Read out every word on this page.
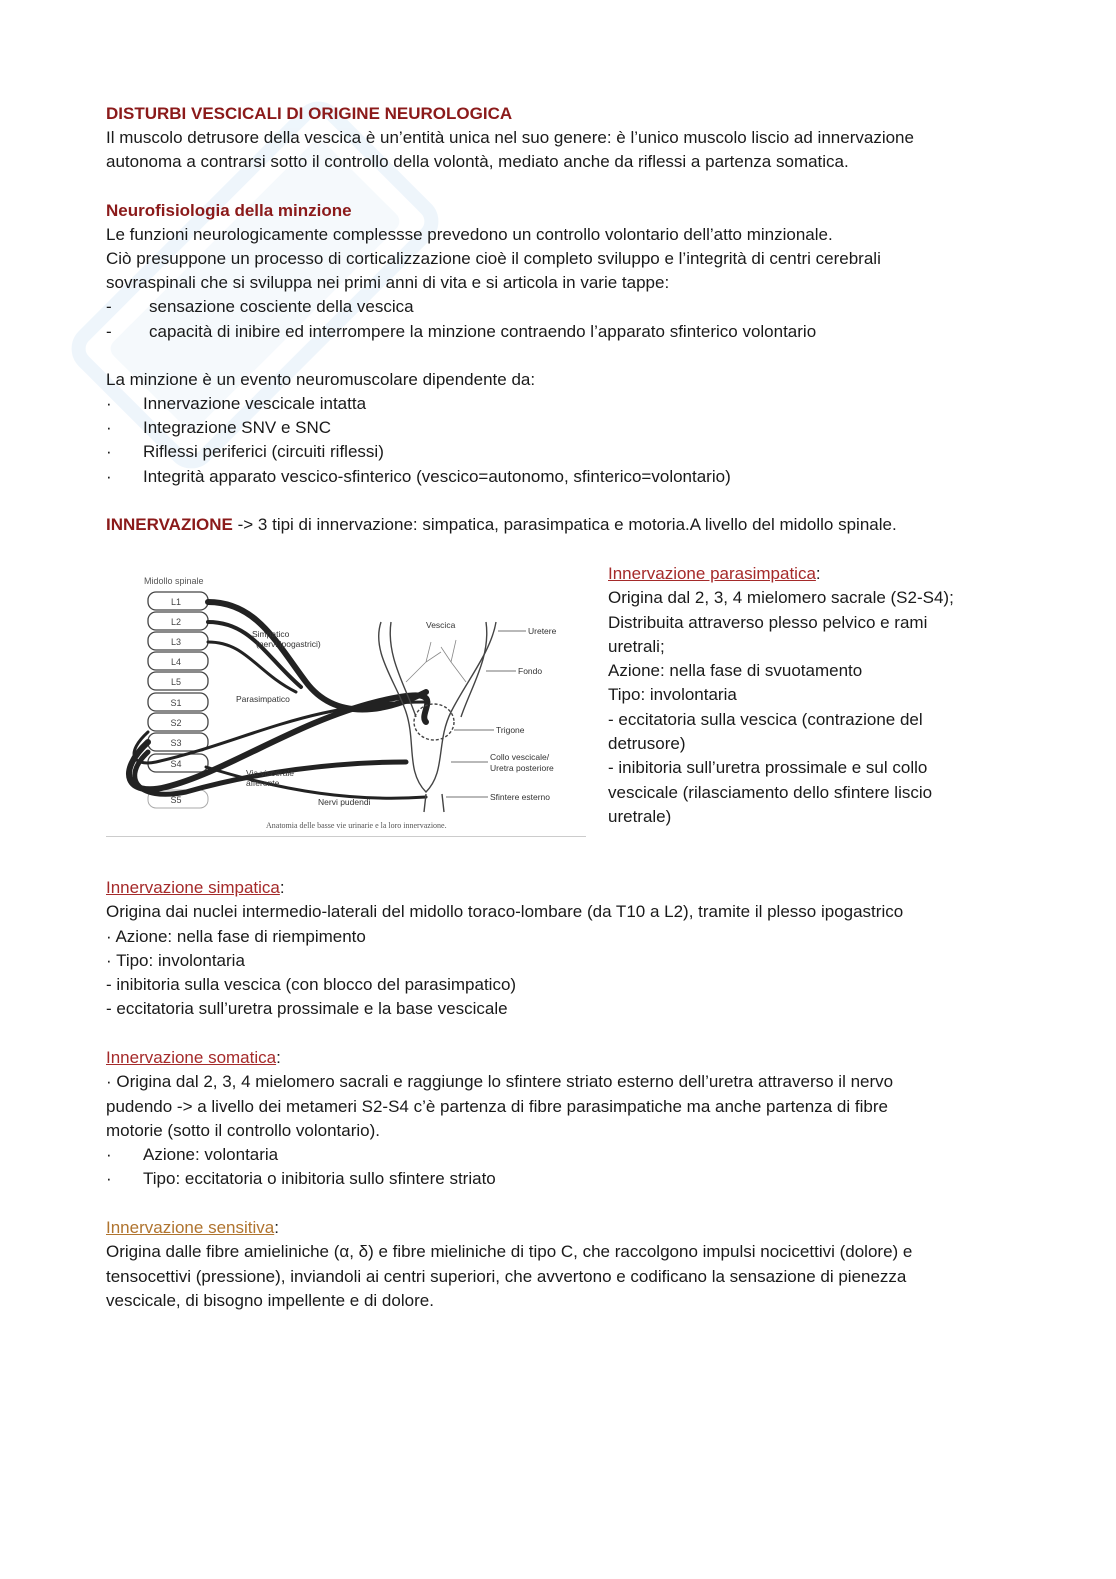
DISTURBI VESCICALI DI ORIGINE NEUROLOGICA
Il muscolo detrusore della vescica è un’entità unica nel suo genere: è l’unico muscolo liscio ad innervazione
autonoma a contrarsi sotto il controllo della volontà, mediato anche da riflessi a partenza somatica.
Neurofisiologia della minzione
Le funzioni neurologicamente complessse prevedono un controllo volontario dell’atto minzionale.
Ciò presuppone un processo di corticalizzazione cioè il completo sviluppo e l’integrità di centri cerebrali
sovraspinali che si sviluppa nei primi anni di vita e si articola in varie tappe:
- sensazione cosciente della vescica
- capacità di inibire ed interrompere la minzione contraendo l’apparato sfinterico volontario
La minzione è un evento neuromuscolare dipendente da:
· Innervazione vescicale intatta
· Integrazione SNV e SNC
· Riflessi periferici (circuiti riflessi)
· Integrità apparato vescico-sfinterico (vescico=autonomo, sfinterico=volontario)
INNERVAZIONE -> 3 tipi di innervazione: simpatica, parasimpatica e motoria.A livello del midollo spinale.
Midollo spinale
L1
L2
L3
L4
L5
S1
S2
S3
S4
S5
Simpatico
(nervi ipogastrici)
Parasimpatico
Via viscerale
afferente
Nervi pudendi
Vescica
Uretere
Fondo
Trigone
Collo vescicale/
Uretra posteriore
Sfintere esterno
Anatomia delle basse vie urinarie e la loro innervazione.
Innervazione parasimpatica:
Origina dal 2, 3, 4 mielomero sacrale (S2-S4);
Distribuita attraverso plesso pelvico e rami
uretrali;
Azione: nella fase di svuotamento
Tipo: involontaria
- eccitatoria sulla vescica (contrazione del
detrusore)
- inibitoria sull’uretra prossimale e sul collo
vescicale (rilasciamento dello sfintere liscio
uretrale)
Innervazione simpatica:
Origina dai nuclei intermedio-laterali del midollo toraco-lombare (da T10 a L2), tramite il plesso ipogastrico
· Azione: nella fase di riempimento
· Tipo: involontaria
- inibitoria sulla vescica (con blocco del parasimpatico)
- eccitatoria sull’uretra prossimale e la base vescicale
Innervazione somatica:
· Origina dal 2, 3, 4 mielomero sacrali e raggiunge lo sfintere striato esterno dell’uretra attraverso il nervo
pudendo -> a livello dei metameri S2-S4 c’è partenza di fibre parasimpatiche ma anche partenza di fibre
motorie (sotto il controllo volontario).
· Azione: volontaria
· Tipo: eccitatoria o inibitoria sullo sfintere striato
Innervazione sensitiva:
Origina dalle fibre amieliniche (α, δ) e fibre mieliniche di tipo C, che raccolgono impulsi nocicettivi (dolore) e
tensocettivi (pressione), inviandoli ai centri superiori, che avvertono e codificano la sensazione di pienezza
vescicale, di bisogno impellente e di dolore.
